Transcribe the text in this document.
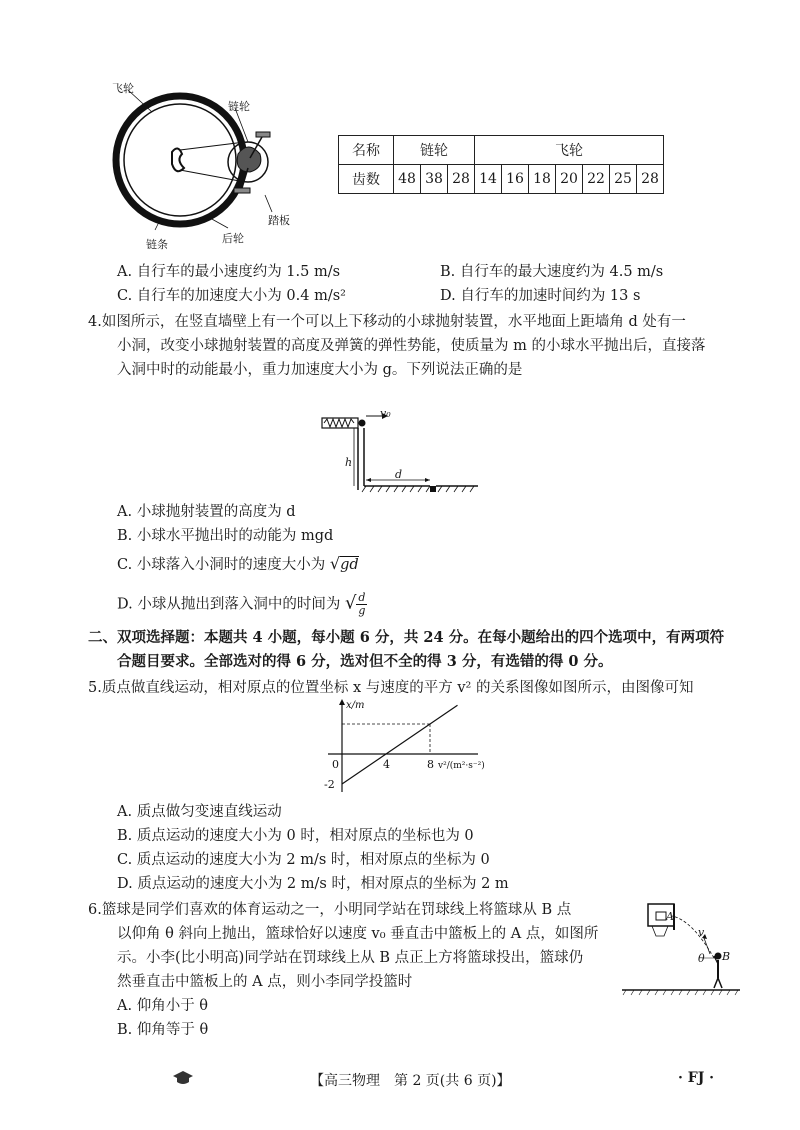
飞轮
链轮
踏板
后轮
链条
名称	链轮			飞轮						
齿数	48	38	28	14	16	18	20	22	25	28
A. 自行车的最小速度约为 1.5 m/s	B. 自行车的最大速度约为 4.5 m/s
C. 自行车的加速度大小为 0.4 m/s²	D. 自行车的加速时间约为 13 s
4.如图所示，在竖直墙壁上有一个可以上下移动的小球抛射装置，水平地面上距墙角 d 处有一
小洞，改变小球抛射装置的高度及弹簧的弹性势能，使质量为 m 的小球水平抛出后，直接落
入洞中时的动能最小，重力加速度大小为 g。下列说法正确的是
v₀
h
d
A. 小球抛射装置的高度为 d
B. 小球水平抛出时的动能为 mgd
C. 小球落入小洞时的速度大小为 √gd
D. 小球从抛出到落入洞中的时间为 √ $\frac{d}{g}$
二、双项选择题：本题共 4 小题，每小题 6 分，共 24 分。在每小题给出的四个选项中，有两项符
合题目要求。全部选对的得 6 分，选对但不全的得 3 分，有选错的得 0 分。
5.质点做直线运动，相对原点的位置坐标 x 与速度的平方 v² 的关系图像如图所示，由图像可知
x/m
v²/(m²·s⁻²)
0	4	8
-2
A. 质点做匀变速直线运动
B. 质点运动的速度大小为 0 时，相对原点的坐标也为 0
C. 质点运动的速度大小为 2 m/s 时，相对原点的坐标为 0
D. 质点运动的速度大小为 2 m/s 时，相对原点的坐标为 2 m
6.篮球是同学们喜欢的体育运动之一，小明同学站在罚球线上将篮球从 B 点
以仰角 θ 斜向上抛出，篮球恰好以速度 v₀ 垂直击中篮板上的 A 点，如图所
示。小李(比小明高)同学站在罚球线上从 B 点正上方将篮球投出，篮球仍
然垂直击中篮板上的 A 点，则小李同学投篮时
A. 仰角小于 θ
B. 仰角等于 θ
A
B
θ
v
【高三物理　第 2 页(共 6 页)】	· FJ ·
